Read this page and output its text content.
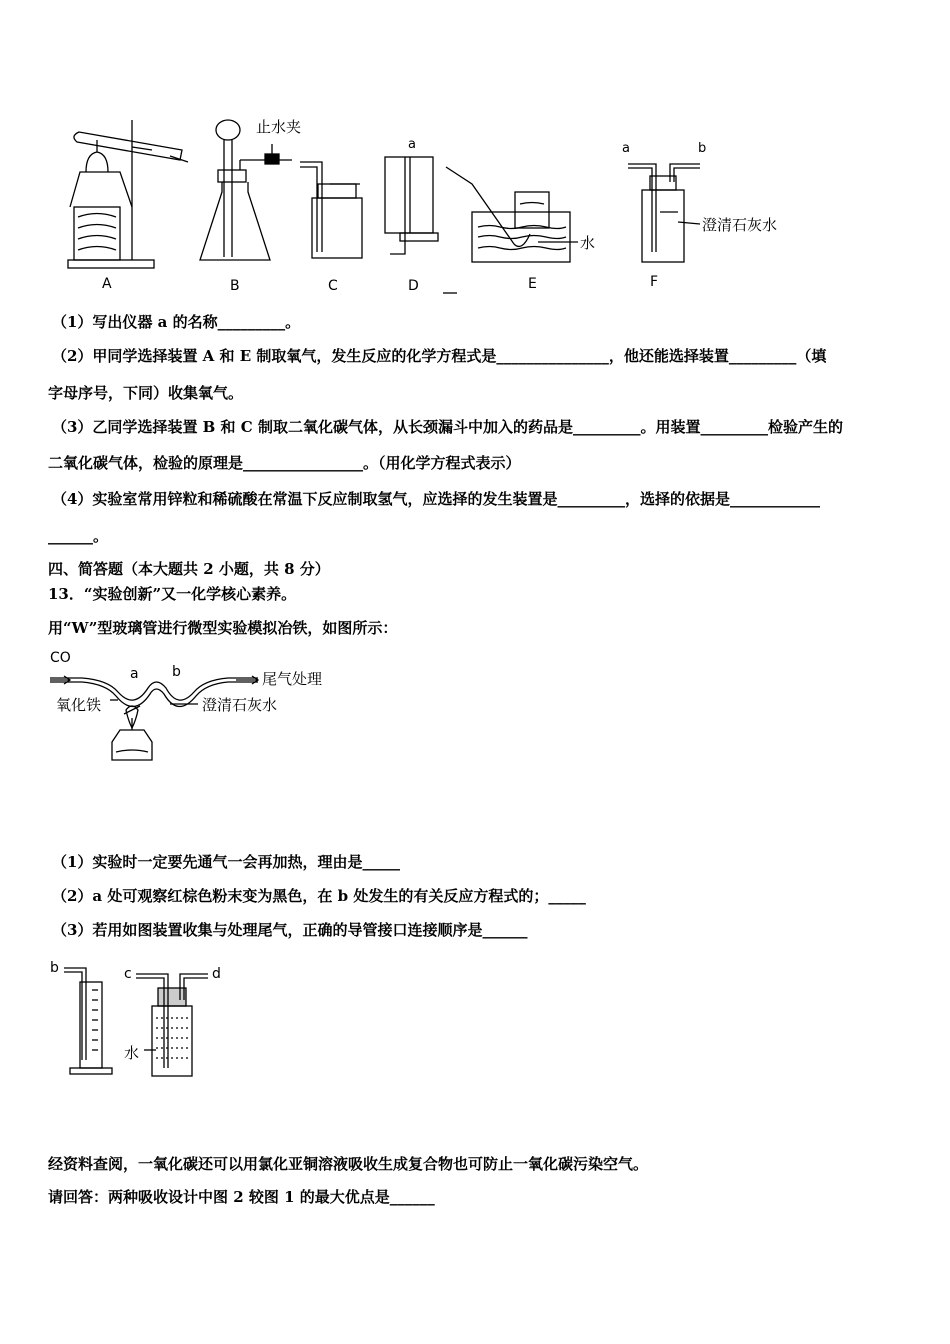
A
止水夹
B	C
a
D
水
E
a	b
澄清石灰水
F
（1）写出仪器 a 的名称_________。
（2）甲同学选择装置 A 和 E 制取氧气，发生反应的化学方程式是_______________，他还能选择装置_________（填
字母序号，下同）收集氧气。
（3）乙同学选择装置 B 和 C 制取二氧化碳气体，从长颈漏斗中加入的药品是_________。用装置_________检验产生的
二氧化碳气体，检验的原理是________________。（用化学方程式表示）
（4）实验室常用锌粒和稀硫酸在常温下反应制取氢气，应选择的发生装置是_________，选择的依据是____________
______。
四、简答题（本大题共 2 小题，共 8 分）
13．“实验创新”又一化学核心素养。
用“W”型玻璃管进行微型实验模拟冶铁，如图所示：
CO
a b	尾气处理
氧化铁	澄清石灰水
（1）实验时一定要先通气一会再加热，理由是_____
（2）a 处可观察红棕色粉末变为黑色，在 b 处发生的有关反应方程式的；_____
（3）若用如图装置收集与处理尾气，正确的导管接口连接顺序是______
b	c	d
水
经资料查阅，一氧化碳还可以用氯化亚铜溶液吸收生成复合物也可防止一氧化碳污染空气。
请回答：两种吸收设计中图 2 较图 1 的最大优点是______
